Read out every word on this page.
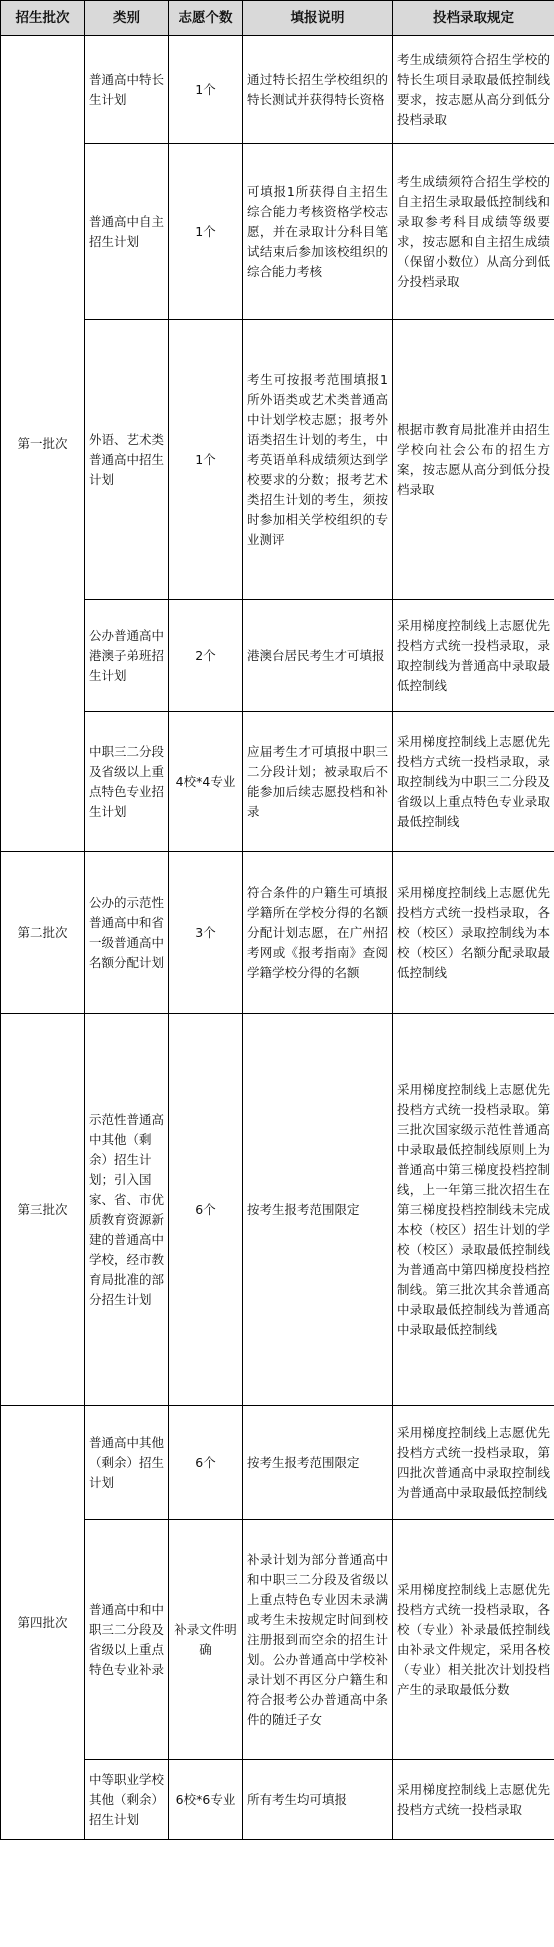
招生批次	类别	志愿个数	填报说明	投档录取规定
第一批次	普通高中特长生计划	1个	通过特长招生学校组织的特长测试并获得特长资格	考生成绩须符合招生学校的特长生项目录取最低控制线要求，按志愿从高分到低分投档录取
	普通高中自主招生计划	1个	可填报1所获得自主招生综合能力考核资格学校志愿，并在录取计分科目笔试结束后参加该校组织的综合能力考核	考生成绩须符合招生学校的自主招生录取最低控制线和录取参考科目成绩等级要求，按志愿和自主招生成绩（保留小数位）从高分到低分投档录取
	外语、艺术类普通高中招生计划	1个	考生可按报考范围填报1所外语类或艺术类普通高中计划学校志愿；报考外语类招生计划的考生，中考英语单科成绩须达到学校要求的分数；报考艺术类招生计划的考生，须按时参加相关学校组织的专业测评	根据市教育局批准并由招生学校向社会公布的招生方案，按志愿从高分到低分投档录取
	公办普通高中港澳子弟班招生计划	2个	港澳台居民考生才可填报	采用梯度控制线上志愿优先投档方式统一投档录取，录取控制线为普通高中录取最低控制线
	中职三二分段及省级以上重点特色专业招生计划	4校*4专业	应届考生才可填报中职三二分段计划；被录取后不能参加后续志愿投档和补录	采用梯度控制线上志愿优先投档方式统一投档录取，录取控制线为中职三二分段及省级以上重点特色专业录取最低控制线
第二批次	公办的示范性普通高中和省一级普通高中名额分配计划	3个	符合条件的户籍生可填报学籍所在学校分得的名额分配计划志愿，在广州招考网或《报考指南》查阅学籍学校分得的名额	采用梯度控制线上志愿优先投档方式统一投档录取，各校（校区）录取控制线为本校（校区）名额分配录取最低控制线
第三批次	示范性普通高中其他（剩余）招生计划；引入国家、省、市优质教育资源新建的普通高中学校，经市教育局批准的部分招生计划	6个	按考生报考范围限定	采用梯度控制线上志愿优先投档方式统一投档录取。第三批次国家级示范性普通高中录取最低控制线原则上为普通高中第三梯度投档控制线，上一年第三批次招生在第三梯度投档控制线未完成本校（校区）招生计划的学校（校区）录取最低控制线为普通高中第四梯度投档控制线。第三批次其余普通高中录取最低控制线为普通高中录取最低控制线
第四批次	普通高中其他（剩余）招生计划	6个	按考生报考范围限定	采用梯度控制线上志愿优先投档方式统一投档录取，第四批次普通高中录取控制线为普通高中录取最低控制线
	普通高中和中职三二分段及省级以上重点特色专业补录	补录文件明确	补录计划为部分普通高中和中职三二分段及省级以上重点特色专业因未录满或考生未按规定时间到校注册报到而空余的招生计划。公办普通高中学校补录计划不再区分户籍生和符合报考公办普通高中条件的随迁子女	采用梯度控制线上志愿优先投档方式统一投档录取，各校（专业）补录最低控制线由补录文件规定，采用各校（专业）相关批次计划投档产生的录取最低分数
	中等职业学校其他（剩余）招生计划	6校*6专业	所有考生均可填报	采用梯度控制线上志愿优先投档方式统一投档录取
